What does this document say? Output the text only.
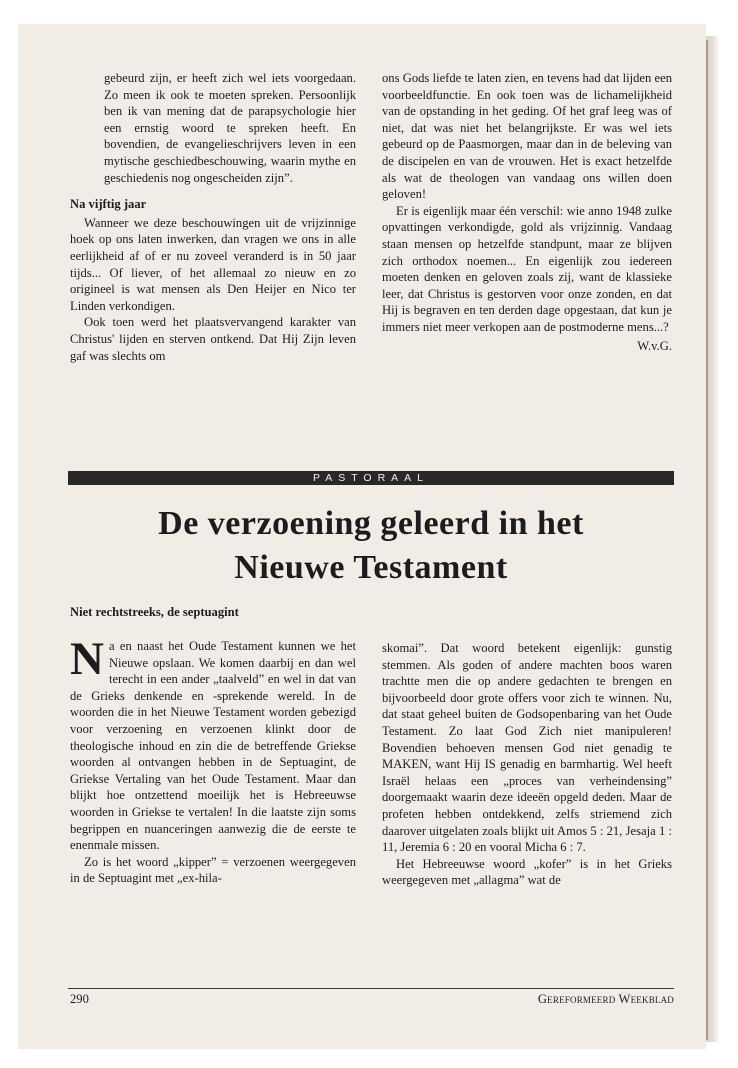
gebeurd zijn, er heeft zich wel iets voorgedaan. Zo meen ik ook te moeten spreken. Persoonlijk ben ik van mening dat de parapsychologie hier een ernstig woord te spreken heeft. En bovendien, de evangelieschrijvers leven in een mytische geschiedbeschouwing, waarin mythe en geschiedenis nog ongescheiden zijn”.

Na vijftig jaar

Wanneer we deze beschouwingen uit de vrijzinnige hoek op ons laten inwerken, dan vragen we ons in alle eerlijkheid af of er nu zoveel veranderd is in 50 jaar tijds... Of liever, of het allemaal zo nieuw en zo origineel is wat mensen als Den Heijer en Nico ter Linden verkondigen.

Ook toen werd het plaatsvervangend karakter van Christus' lijden en sterven ontkend. Dat Hij Zijn leven gaf was slechts om

ons Gods liefde te laten zien, en tevens had dat lijden een voorbeeldfunctie. En ook toen was de lichamelijkheid van de opstanding in het geding. Of het graf leeg was of niet, dat was niet het belangrijkste. Er was wel iets gebeurd op de Paasmorgen, maar dan in de beleving van de discipelen en van de vrouwen. Het is exact hetzelfde als wat de theologen van vandaag ons willen doen geloven!

Er is eigenlijk maar één verschil: wie anno 1948 zulke opvattingen verkondigde, gold als vrijzinnig. Vandaag staan mensen op hetzelfde standpunt, maar ze blijven zich orthodox noemen... En eigenlijk zou iedereen moeten denken en geloven zoals zij, want de klassieke leer, dat Christus is gestorven voor onze zonden, en dat Hij is begraven en ten derden dage opgestaan, dat kun je immers niet meer verkopen aan de postmoderne mens...?

W.v.G.

PASTORAAL
De verzoening geleerd in het
Nieuwe Testament

Niet rechtstreeks, de septuagint

Na en naast het Oude Testament kunnen we het Nieuwe opslaan. We komen daarbij en dan wel terecht in een ander „taalveld” en wel in dat van de Grieks denkende en -sprekende wereld. In de woorden die in het Nieuwe Testament worden gebezigd voor verzoening en verzoenen klinkt door de theologische inhoud en zin die de betreffende Griekse woorden al ontvangen hebben in de Septuagint, de Griekse Vertaling van het Oude Testament. Maar dan blijkt hoe ontzettend moeilijk het is Hebreeuwse woorden in Griekse te vertalen! In die laatste zijn soms begrippen en nuanceringen aanwezig die de eerste te enenmale missen.

Zo is het woord „kipper” = verzoenen weergegeven in de Septuagint met „ex-hila-

skomai”. Dat woord betekent eigenlijk: gunstig stemmen. Als goden of andere machten boos waren trachtte men die op andere gedachten te brengen en bijvoorbeeld door grote offers voor zich te winnen. Nu, dat staat geheel buiten de Godsopenbaring van het Oude Testament. Zo laat God Zich niet manipuleren! Bovendien behoeven mensen God niet genadig te MAKEN, want Hij IS genadig en barmhartig. Wel heeft Israël helaas een „proces van verheindensing” doorgemaakt waarin deze ideeën opgeld deden. Maar de profeten hebben ontdekkend, zelfs striemend zich daarover uitgelaten zoals blijkt uit Amos 5 : 21, Jesaja 1 : 11, Jeremia 6 : 20 en vooral Micha 6 : 7.

Het Hebreeuwse woord „kofer” is in het Grieks weergegeven met „allagma” wat de

290	Gereformeerd Weekblad
